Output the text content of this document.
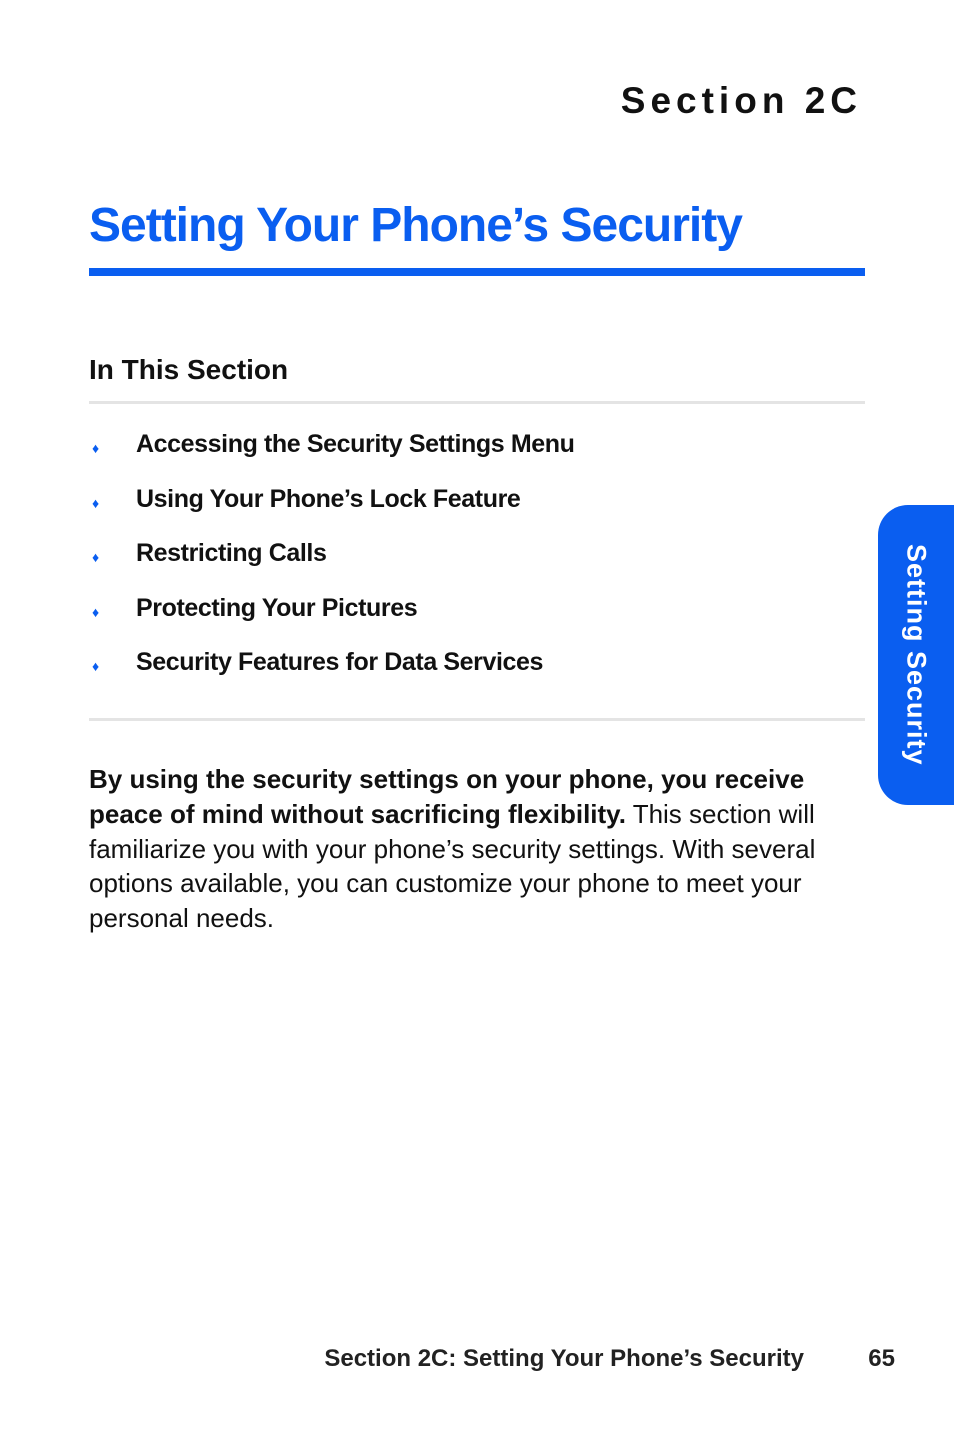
Section 2C
Setting Your Phone’s Security
In This Section
♦	Accessing the Security Settings Menu
♦	Using Your Phone’s Lock Feature
♦	Restricting Calls
♦	Protecting Your Pictures
♦	Security Features for Data Services

By using the security settings on your phone, you receive peace of mind without sacrificing flexibility. This section will familiarize you with your phone’s security settings. With several options available, you can customize your phone to meet your personal needs.

Setting Security
Section 2C: Setting Your Phone’s Security	65
